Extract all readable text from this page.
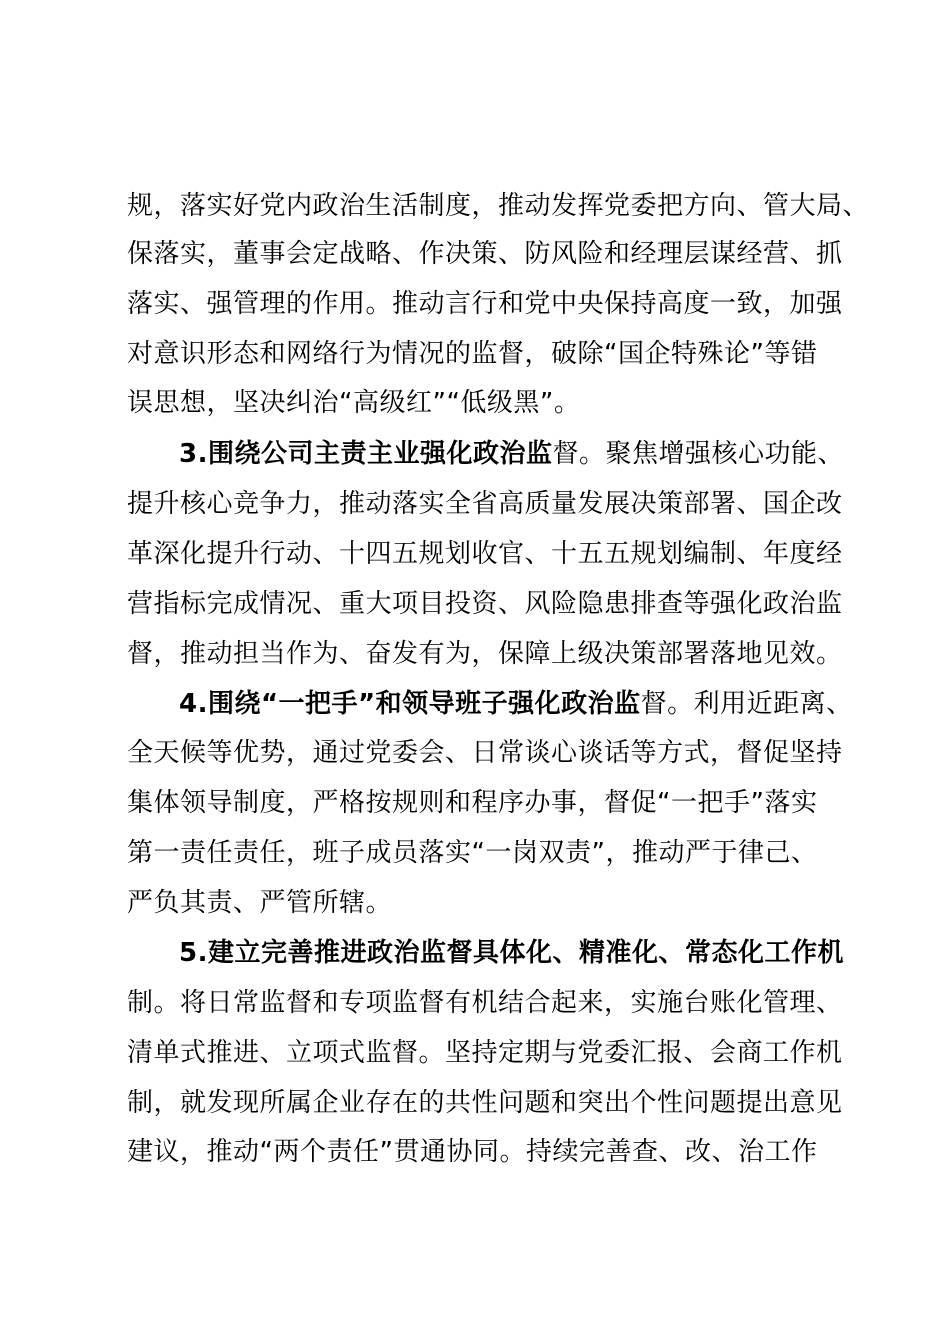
规，落实好党内政治生活制度，推动发挥党委把方向、管大局、
保落实，董事会定战略、作决策、防风险和经理层谋经营、抓
落实、强管理的作用。推动言行和党中央保持高度一致，加强
对意识形态和网络行为情况的监督，破除“国企特殊论”等错
误思想，坚决纠治“高级红”“低级黑”。
3.围绕公司主责主业强化政治监督。聚焦增强核心功能、
提升核心竞争力，推动落实全省高质量发展决策部署、国企改
革深化提升行动、十四五规划收官、十五五规划编制、年度经
营指标完成情况、重大项目投资、风险隐患排查等强化政治监
督，推动担当作为、奋发有为，保障上级决策部署落地见效。
4.围绕“一把手”和领导班子强化政治监督。利用近距离、
全天候等优势，通过党委会、日常谈心谈话等方式，督促坚持
集体领导制度，严格按规则和程序办事，督促“一把手”落实
第一责任责任，班子成员落实“一岗双责”，推动严于律己、
严负其责、严管所辖。
5.建立完善推进政治监督具体化、精准化、常态化工作机
制。将日常监督和专项监督有机结合起来，实施台账化管理、
清单式推进、立项式监督。坚持定期与党委汇报、会商工作机
制，就发现所属企业存在的共性问题和突出个性问题提出意见
建议，推动“两个责任”贯通协同。持续完善查、改、治工作
